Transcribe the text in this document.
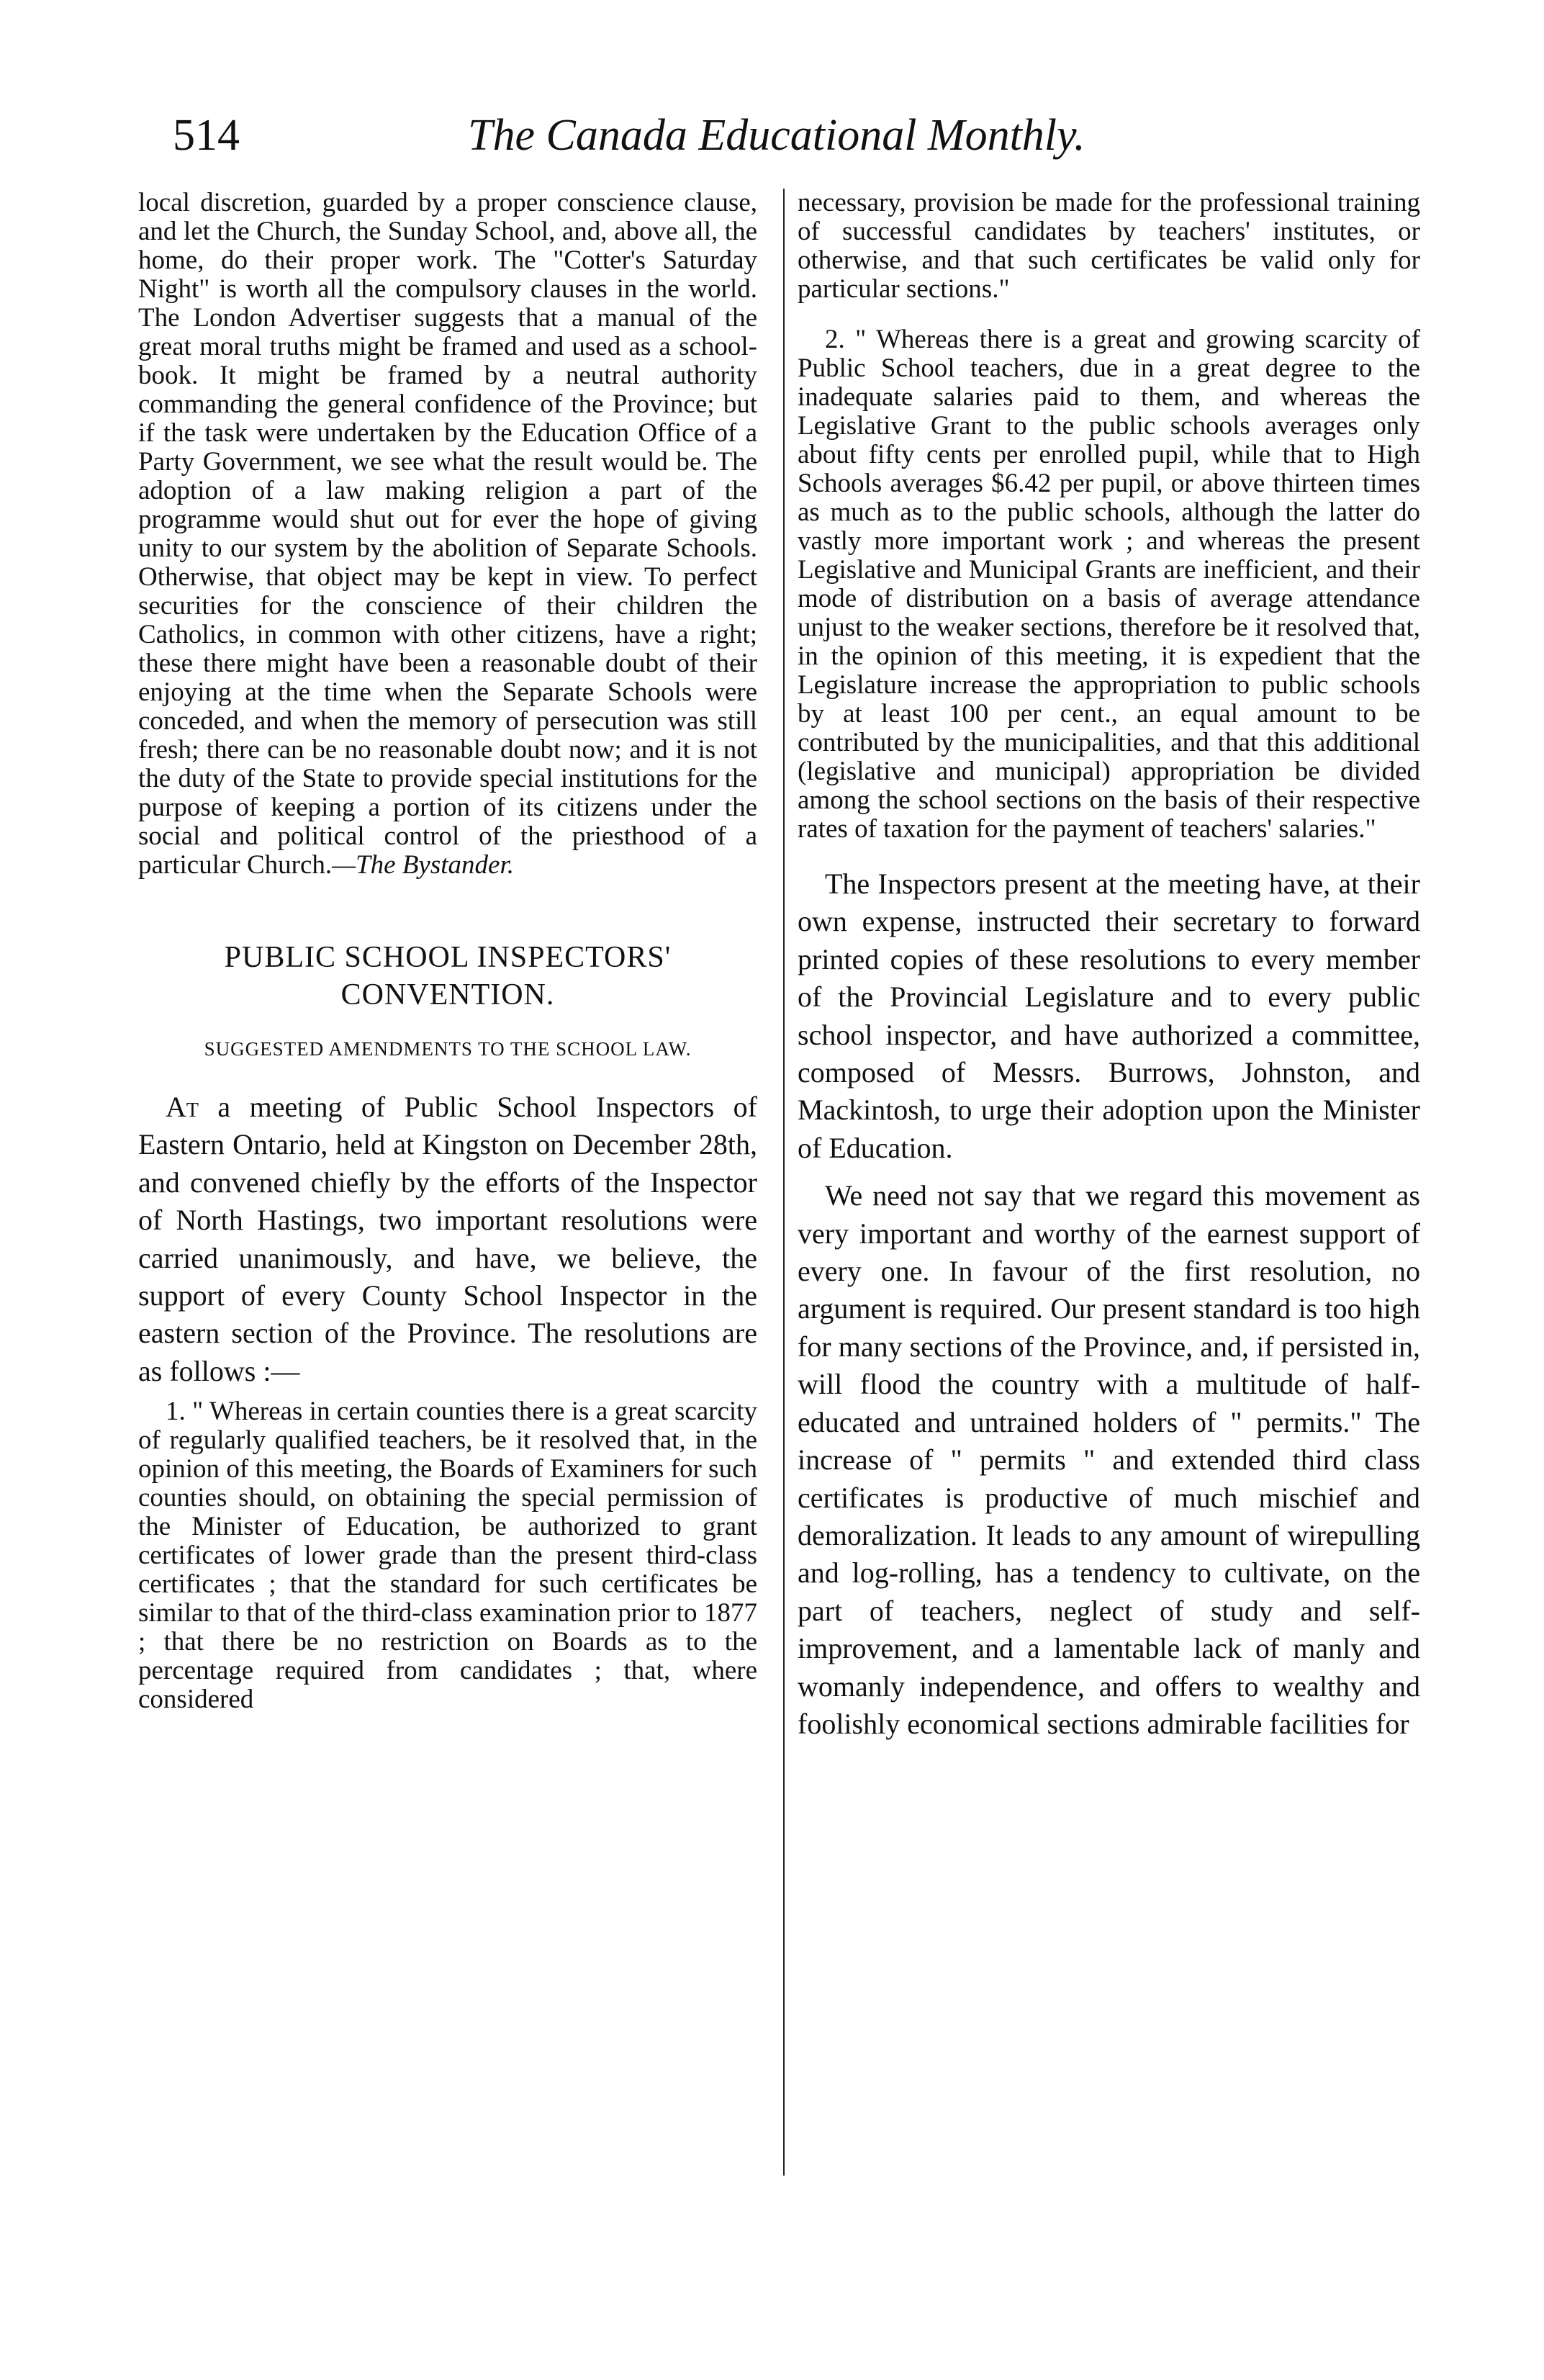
514	The Canada Educational Monthly.

local discretion, guarded by a proper conscience clause, and let the Church, the Sunday School, and, above all, the home, do their proper work. The "Cotter's Saturday Night" is worth all the compulsory clauses in the world. The London Advertiser suggests that a manual of the great moral truths might be framed and used as a school-book. It might be framed by a neutral authority commanding the general confidence of the Province; but if the task were undertaken by the Education Office of a Party Government, we see what the result would be. The adoption of a law making religion a part of the programme would shut out for ever the hope of giving unity to our system by the abolition of Separate Schools. Otherwise, that object may be kept in view. To perfect securities for the conscience of their children the Catholics, in common with other citizens, have a right; these there might have been a reasonable doubt of their enjoying at the time when the Separate Schools were conceded, and when the memory of persecution was still fresh; there can be no reasonable doubt now; and it is not the duty of the State to provide special institutions for the purpose of keeping a portion of its citizens under the social and political control of the priesthood of a particular Church.—The Bystander.

PUBLIC SCHOOL INSPECTORS' CONVENTION.
SUGGESTED AMENDMENTS TO THE SCHOOL LAW.

At a meeting of Public School Inspectors of Eastern Ontario, held at Kingston on December 28th, and convened chiefly by the efforts of the Inspector of North Hastings, two important resolutions were carried unanimously, and have, we believe, the support of every County School Inspector in the eastern section of the Province. The resolutions are as follows :—

1. " Whereas in certain counties there is a great scarcity of regularly qualified teachers, be it resolved that, in the opinion of this meeting, the Boards of Examiners for such counties should, on obtaining the special permission of the Minister of Education, be authorized to grant certificates of lower grade than the present third-class certificates ; that the standard for such certificates be similar to that of the third-class examination prior to 1877 ; that there be no restriction on Boards as to the percentage required from candidates ; that, where considered

necessary, provision be made for the professional training of successful candidates by teachers' institutes, or otherwise, and that such certificates be valid only for particular sections."

2. " Whereas there is a great and growing scarcity of Public School teachers, due in a great degree to the inadequate salaries paid to them, and whereas the Legislative Grant to the public schools averages only about fifty cents per enrolled pupil, while that to High Schools averages $6.42 per pupil, or above thirteen times as much as to the public schools, although the latter do vastly more important work ; and whereas the present Legislative and Municipal Grants are inefficient, and their mode of distribution on a basis of average attendance unjust to the weaker sections, therefore be it resolved that, in the opinion of this meeting, it is expedient that the Legislature increase the appropriation to public schools by at least 100 per cent., an equal amount to be contributed by the municipalities, and that this additional (legislative and municipal) appropriation be divided among the school sections on the basis of their respective rates of taxation for the payment of teachers' salaries."

The Inspectors present at the meeting have, at their own expense, instructed their secretary to forward printed copies of these resolutions to every member of the Provincial Legislature and to every public school inspector, and have authorized a committee, composed of Messrs. Burrows, Johnston, and Mackintosh, to urge their adoption upon the Minister of Education.

We need not say that we regard this movement as very important and worthy of the earnest support of every one. In favour of the first resolution, no argument is required. Our present standard is too high for many sections of the Province, and, if persisted in, will flood the country with a multitude of half-educated and untrained holders of " permits." The increase of " permits " and extended third class certificates is productive of much mischief and demoralization. It leads to any amount of wirepulling and log-rolling, has a tendency to cultivate, on the part of teachers, neglect of study and self-improvement, and a lamentable lack of manly and womanly independence, and offers to wealthy and foolishly economical sections admirable facilities for
